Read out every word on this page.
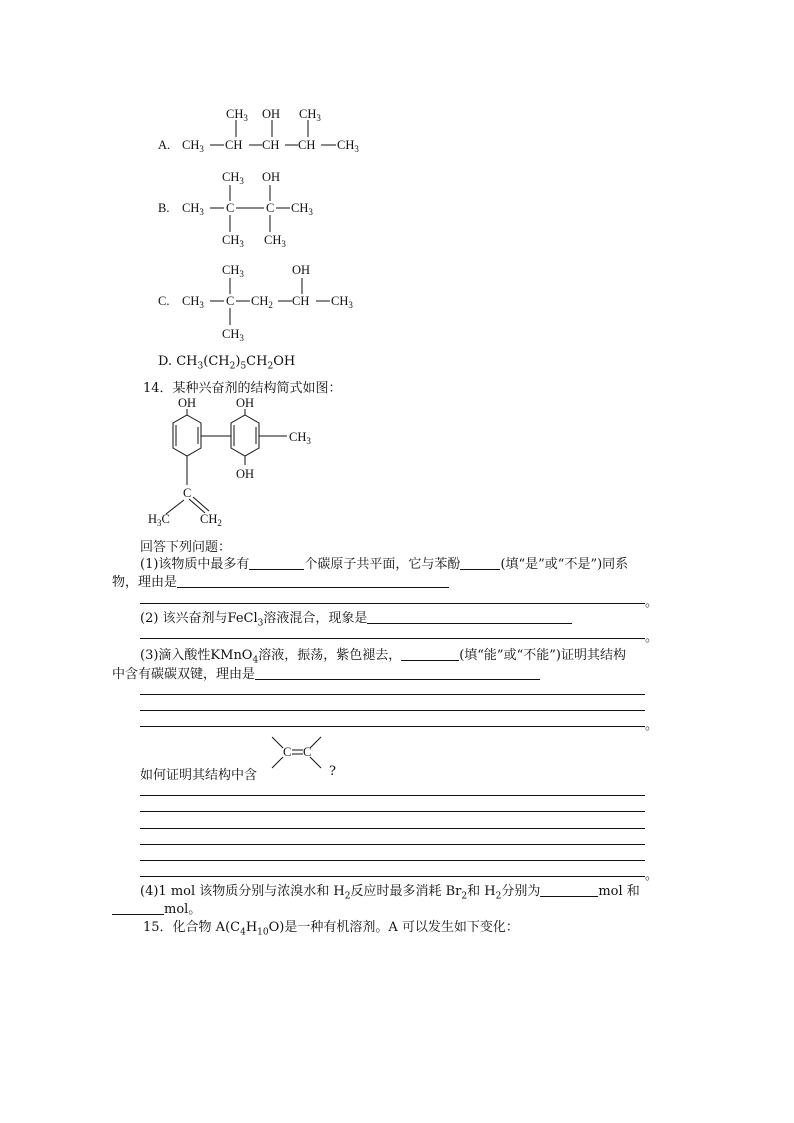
A.
$CH_3$ OH $CH_3$
$CH_3$ CH CH CH $CH_3$
B. $CH_3$ C	C $CH_3$
$CH_3$ OH
$CH_3$ $CH_3$
C. $CH_3$ C $CH_2$ CH $CH_3$
$CH_3$	OH
$CH_3$
OH	OH
$CH_3$
OH
C
$H_3C$ $CH_2$
C C
D. $CH_3(CH_2)_5CH_2OH$
14．某种兴奋剂的结构简式如图：
回答下列问题：
(1)该物质中最多有	个碳原子共平面，它与苯酚	(填“是”或“不是”)同系
物，理由是
。
(2) 该兴奋剂与FeCl$_3$溶液混合，现象是
。
(3)滴入酸性KMnO$_4$溶液，振荡，紫色褪去，	(填“能”或“不能”)证明其结构
中含有碳碳双键，理由是
。
如何证明其结构中含	?
。
(4)1 mol 该物质分别与浓溴水和 $H_2$反应时最多消耗 $Br_2$和 $H_2$分别为	mol 和
mol。
15．化合物 $A(C_4H_{10}O)$是一种有机溶剂。A 可以发生如下变化：
